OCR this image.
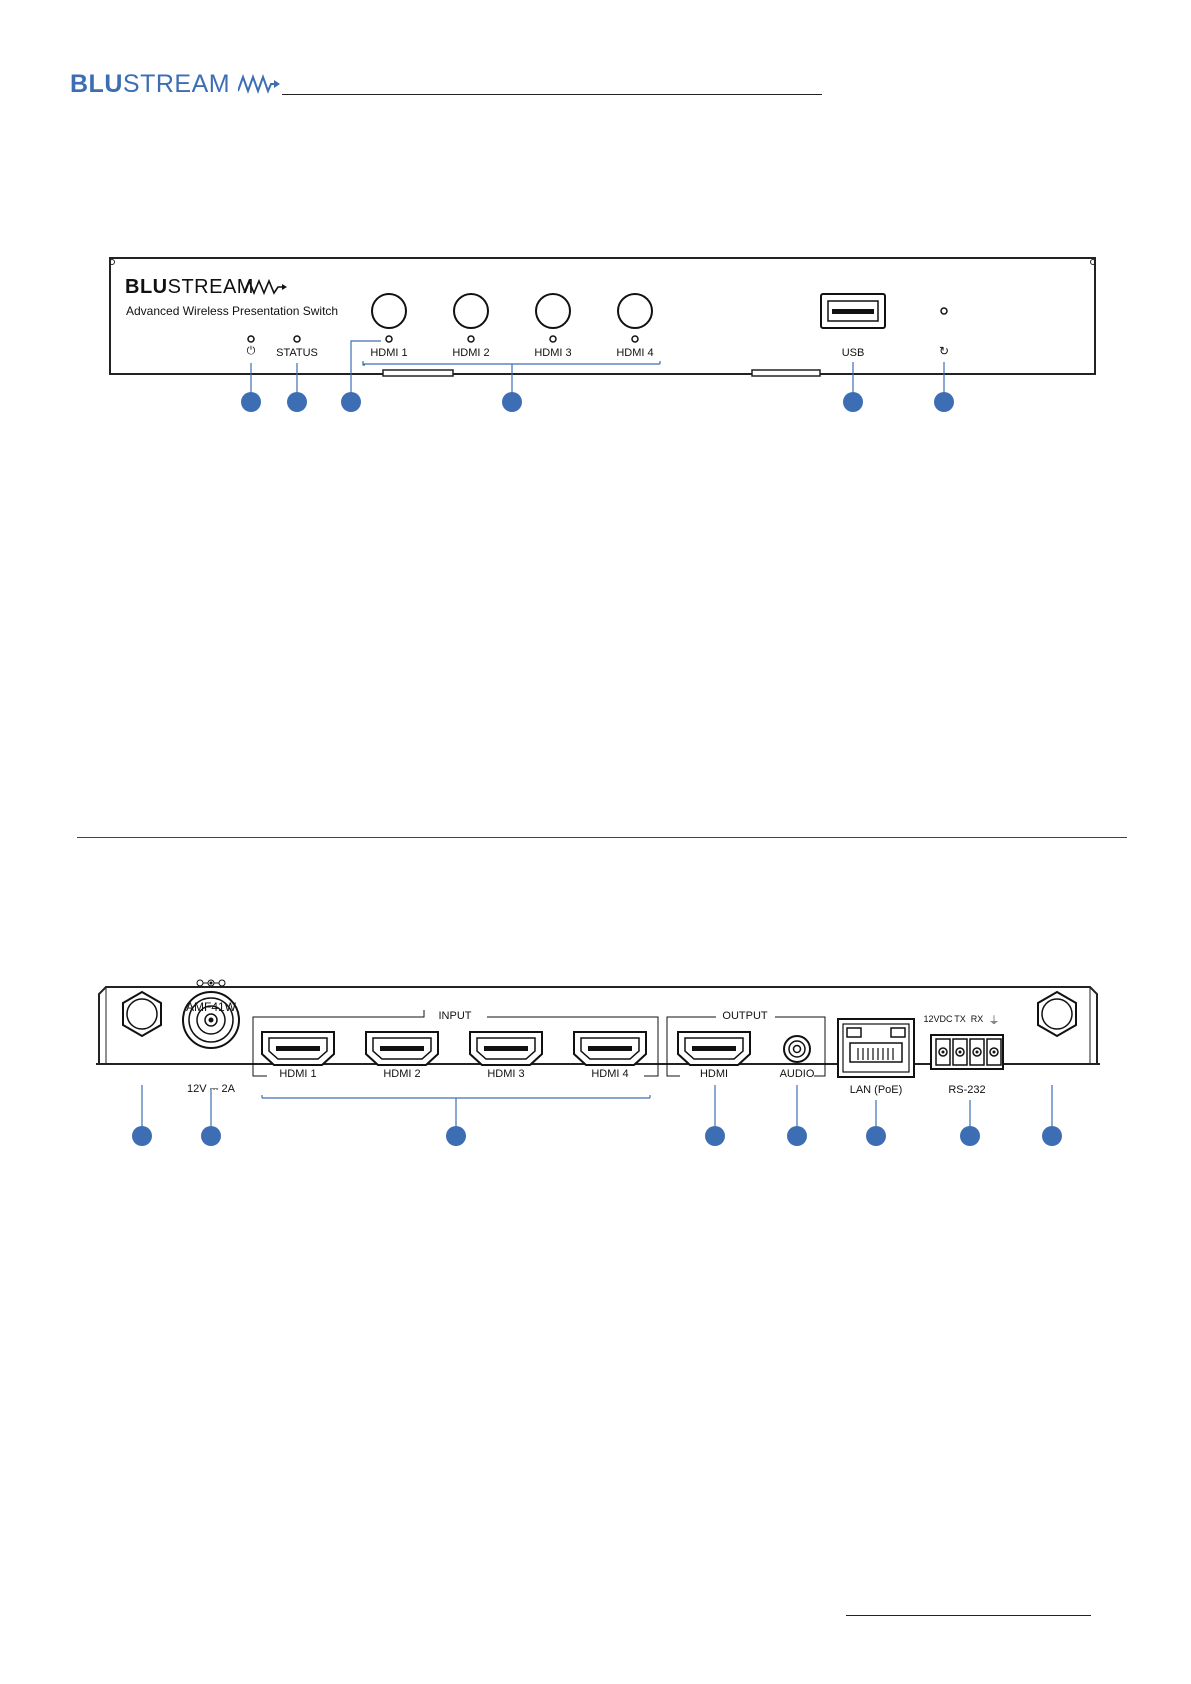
BLUSTREAM
BLUSTREAM
Advanced Wireless Presentation Switch
⏻ STATUS	HDMI 1	HDMI 2	HDMI 3	HDMI 4	USB	↻
AMF41W
12V ⎓ 2A
INPUT	OUTPUT
HDMI 1	HDMI 2	HDMI 3	HDMI 4	HDMI	AUDIO
LAN (PoE)	RS-232
12VDC TX RX ⏚
